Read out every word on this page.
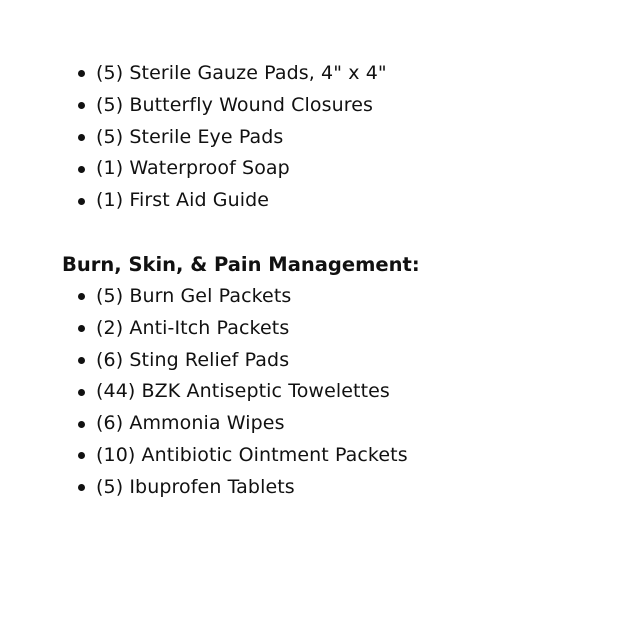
(5) Sterile Gauze Pads, 4" x 4"
(5) Butterfly Wound Closures
(5) Sterile Eye Pads
(1) Waterproof Soap
(1) First Aid Guide
Burn, Skin, & Pain Management:
(5) Burn Gel Packets
(2) Anti-Itch Packets
(6) Sting Relief Pads
(44) BZK Antiseptic Towelettes
(6) Ammonia Wipes
(10) Antibiotic Ointment Packets
(5) Ibuprofen Tablets
